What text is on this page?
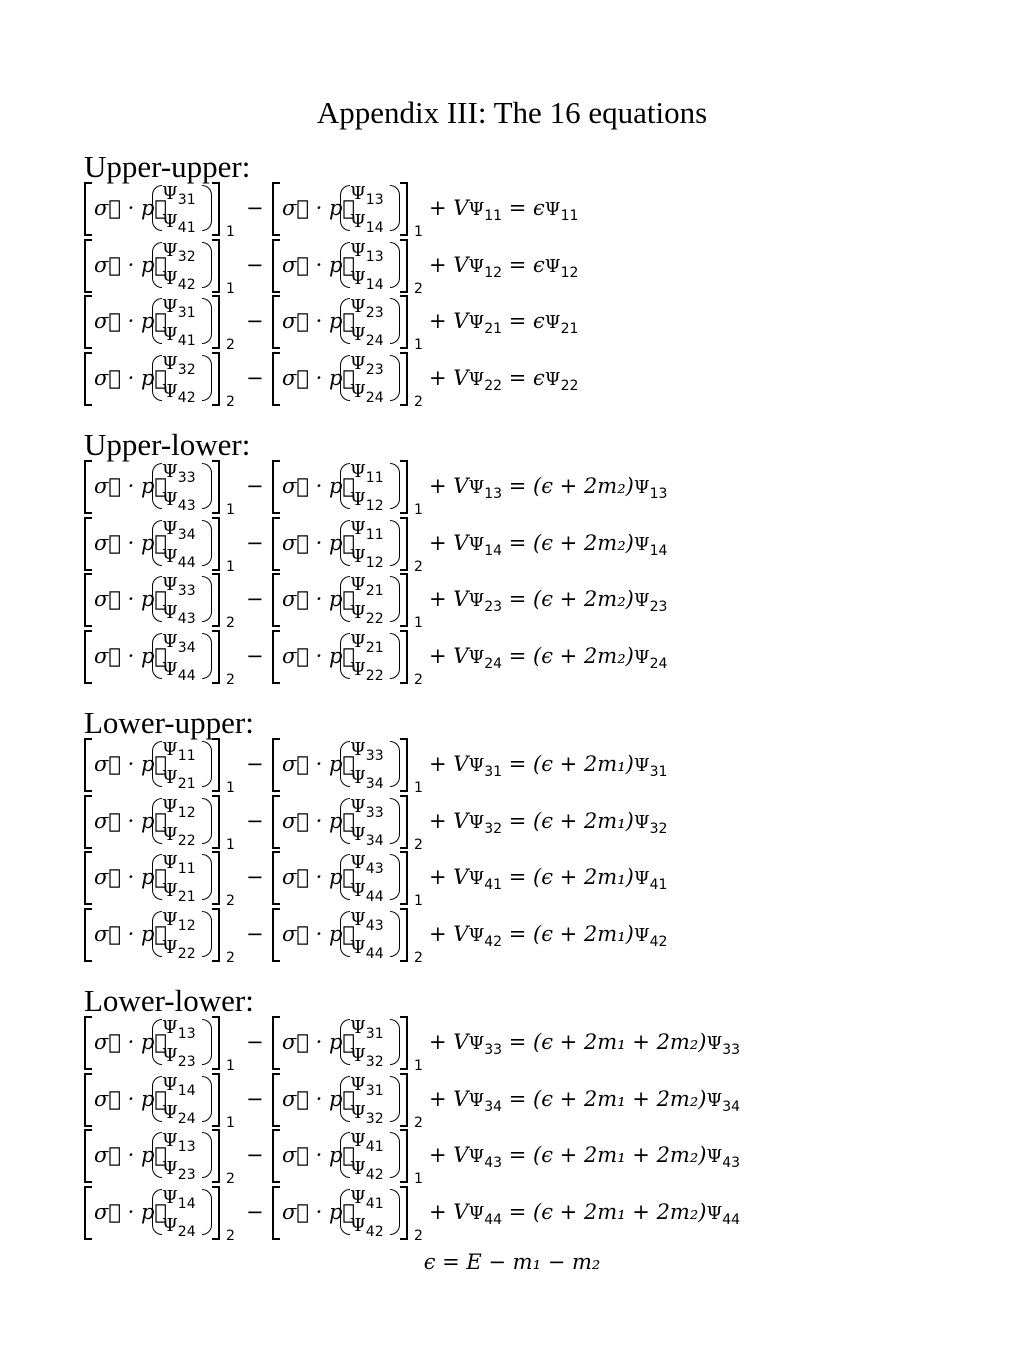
Appendix III: The 16 equations
Upper-upper:
σ⃗ · p⃗
$\Psi_{31}$
$\Psi_{41}$ 1
− σ⃗ · p⃗
$\Psi_{13}$
$\Psi_{14}$ 1
+ $V\Psi_{11} = \epsilon\Psi_{11}$
σ⃗ · p⃗
$\Psi_{32}$
$\Psi_{42}$ 1
− σ⃗ · p⃗
$\Psi_{13}$
$\Psi_{14}$ 2
+ $V\Psi_{12} = \epsilon\Psi_{12}$
σ⃗ · p⃗
$\Psi_{31}$
$\Psi_{41}$ 2
− σ⃗ · p⃗
$\Psi_{23}$
$\Psi_{24}$ 1
+ $V\Psi_{21} = \epsilon\Psi_{21}$
σ⃗ · p⃗
$\Psi_{32}$
$\Psi_{42}$ 2
− σ⃗ · p⃗
$\Psi_{23}$
$\Psi_{24}$ 2
+ $V\Psi_{22} = \epsilon\Psi_{22}$
Upper-lower:
σ⃗ · p⃗
$\Psi_{33}$
$\Psi_{43}$ 1
− σ⃗ · p⃗
$\Psi_{11}$
$\Psi_{12}$ 1
+ $V\Psi_{13} = (\epsilon + 2m_2)\Psi_{13}$
σ⃗ · p⃗
$\Psi_{34}$
$\Psi_{44}$ 1
− σ⃗ · p⃗
$\Psi_{11}$
$\Psi_{12}$ 2
+ $V\Psi_{14} = (\epsilon + 2m_2)\Psi_{14}$
σ⃗ · p⃗
$\Psi_{33}$
$\Psi_{43}$ 2
− σ⃗ · p⃗
$\Psi_{21}$
$\Psi_{22}$ 1
+ $V\Psi_{23} = (\epsilon + 2m_2)\Psi_{23}$
σ⃗ · p⃗
$\Psi_{34}$
$\Psi_{44}$ 2
− σ⃗ · p⃗
$\Psi_{21}$
$\Psi_{22}$ 2
+ $V\Psi_{24} = (\epsilon + 2m_2)\Psi_{24}$
Lower-upper:
σ⃗ · p⃗
$\Psi_{11}$
$\Psi_{21}$ 1
− σ⃗ · p⃗
$\Psi_{33}$
$\Psi_{34}$ 1
+ $V\Psi_{31} = (\epsilon + 2m_1)\Psi_{31}$
σ⃗ · p⃗
$\Psi_{12}$
$\Psi_{22}$ 1
− σ⃗ · p⃗
$\Psi_{33}$
$\Psi_{34}$ 2
+ $V\Psi_{32} = (\epsilon + 2m_1)\Psi_{32}$
σ⃗ · p⃗
$\Psi_{11}$
$\Psi_{21}$ 2
− σ⃗ · p⃗
$\Psi_{43}$
$\Psi_{44}$ 1
+ $V\Psi_{41} = (\epsilon + 2m_1)\Psi_{41}$
σ⃗ · p⃗
$\Psi_{12}$
$\Psi_{22}$ 2
− σ⃗ · p⃗
$\Psi_{43}$
$\Psi_{44}$ 2
+ $V\Psi_{42} = (\epsilon + 2m_1)\Psi_{42}$
Lower-lower:
σ⃗ · p⃗
$\Psi_{13}$
$\Psi_{23}$ 1
− σ⃗ · p⃗
$\Psi_{31}$
$\Psi_{32}$ 1
+ $V\Psi_{33} = (\epsilon + 2m_1 + 2m_2)\Psi_{33}$
σ⃗ · p⃗
$\Psi_{14}$
$\Psi_{24}$ 1
− σ⃗ · p⃗
$\Psi_{31}$
$\Psi_{32}$ 2
+ $V\Psi_{34} = (\epsilon + 2m_1 + 2m_2)\Psi_{34}$
σ⃗ · p⃗
$\Psi_{13}$
$\Psi_{23}$ 2
− σ⃗ · p⃗
$\Psi_{41}$
$\Psi_{42}$ 1
+ $V\Psi_{43} = (\epsilon + 2m_1 + 2m_2)\Psi_{43}$
σ⃗ · p⃗
$\Psi_{14}$
$\Psi_{24}$ 2
− σ⃗ · p⃗
$\Psi_{41}$
$\Psi_{42}$ 2
+ $V\Psi_{44} = (\epsilon + 2m_1 + 2m_2)\Psi_{44}$
ϵ = E − m₁ − m₂
